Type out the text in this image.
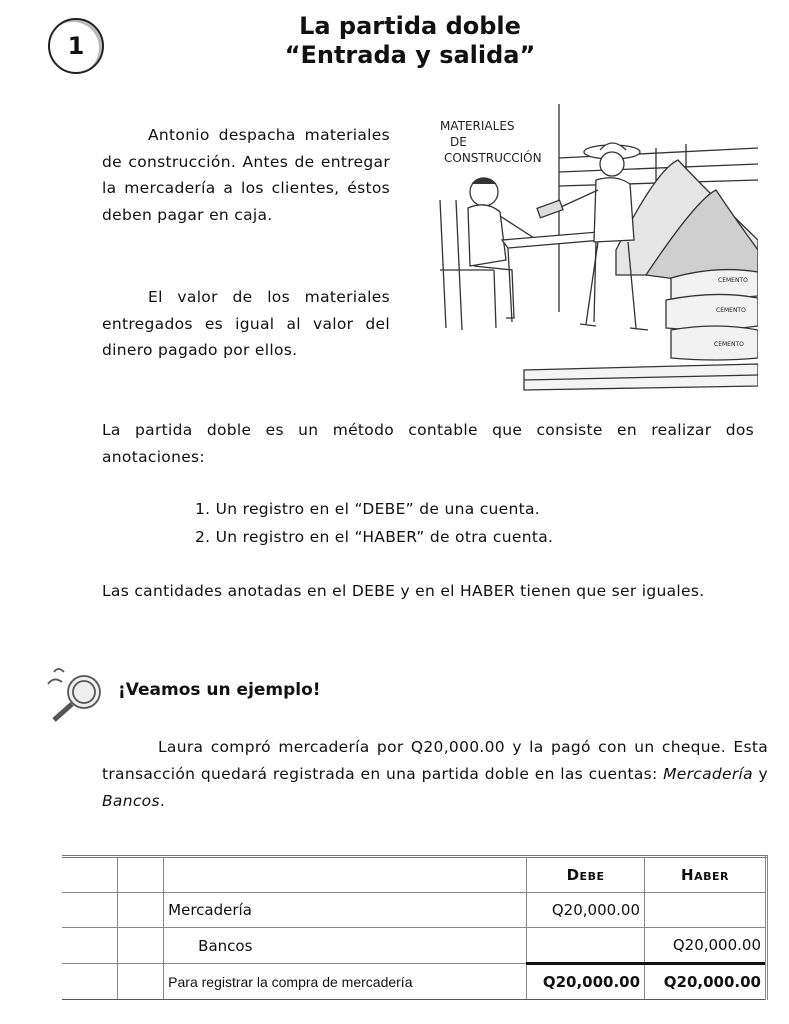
1
La partida doble
“Entrada y salida”
Antonio despacha materiales de construcción. Antes de entregar la mercadería a los clientes, éstos deben pagar en caja.
El valor de los materiales entregados es igual al valor del dinero pagado por ellos.
MATERIALES
DE
CONSTRUCCIÓN
CEMENTO
CEMENTO
CEMENTO
La partida doble es un método contable que consiste en realizar dos anotaciones:
1. Un registro en el “DEBE” de una cuenta.
2. Un registro en el “HABER” de otra cuenta.
Las cantidades anotadas en el DEBE y en el HABER tienen que ser iguales.
¡Veamos un ejemplo!
Laura compró mercadería por Q20,000.00 y la pagó con un cheque. Esta transacción quedará registrada en una partida doble en las cuentas: Mercadería y Bancos.
			Debe	Haber
		Mercadería	Q20,000.00	
		Bancos		Q20,000.00
		Para registrar la compra de mercadería	Q20,000.00	Q20,000.00
